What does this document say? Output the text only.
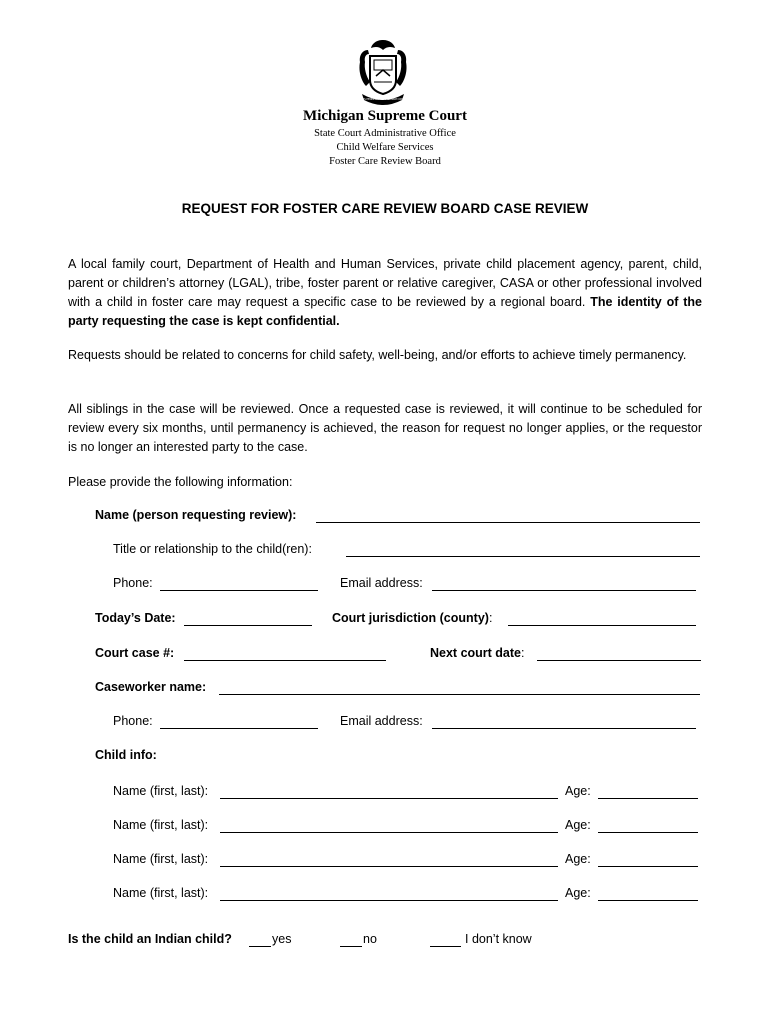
SI QUAERIS PENINSULAM AMOENAM CIRCUMSPICE
Michigan Supreme Court
State Court Administrative Office
Child Welfare Services
Foster Care Review Board
REQUEST FOR FOSTER CARE REVIEW BOARD CASE REVIEW
A local family court, Department of Health and Human Services, private child placement agency, parent, child, parent or children’s attorney (LGAL), tribe, foster parent or relative caregiver, CASA or other professional involved with a child in foster care may request a specific case to be reviewed by a regional board. The identity of the party requesting the case is kept confidential.
Requests should be related to concerns for child safety, well-being, and/or efforts to achieve timely permanency.
All siblings in the case will be reviewed. Once a requested case is reviewed, it will continue to be scheduled for review every six months, until permanency is achieved, the reason for request no longer applies, or the requestor is no longer an interested party to the case.
Please provide the following information:
Name (person requesting review):
Title or relationship to the child(ren):
Phone:	Email address:
Today’s Date:	Court jurisdiction (county):
Court case #:	Next court date:
Caseworker name:
Phone:	Email address:
Child info:
Name (first, last):	Age:
Name (first, last):	Age:
Name (first, last):	Age:
Name (first, last):	Age:
Is the child an Indian child?	yes	no	I don’t know
